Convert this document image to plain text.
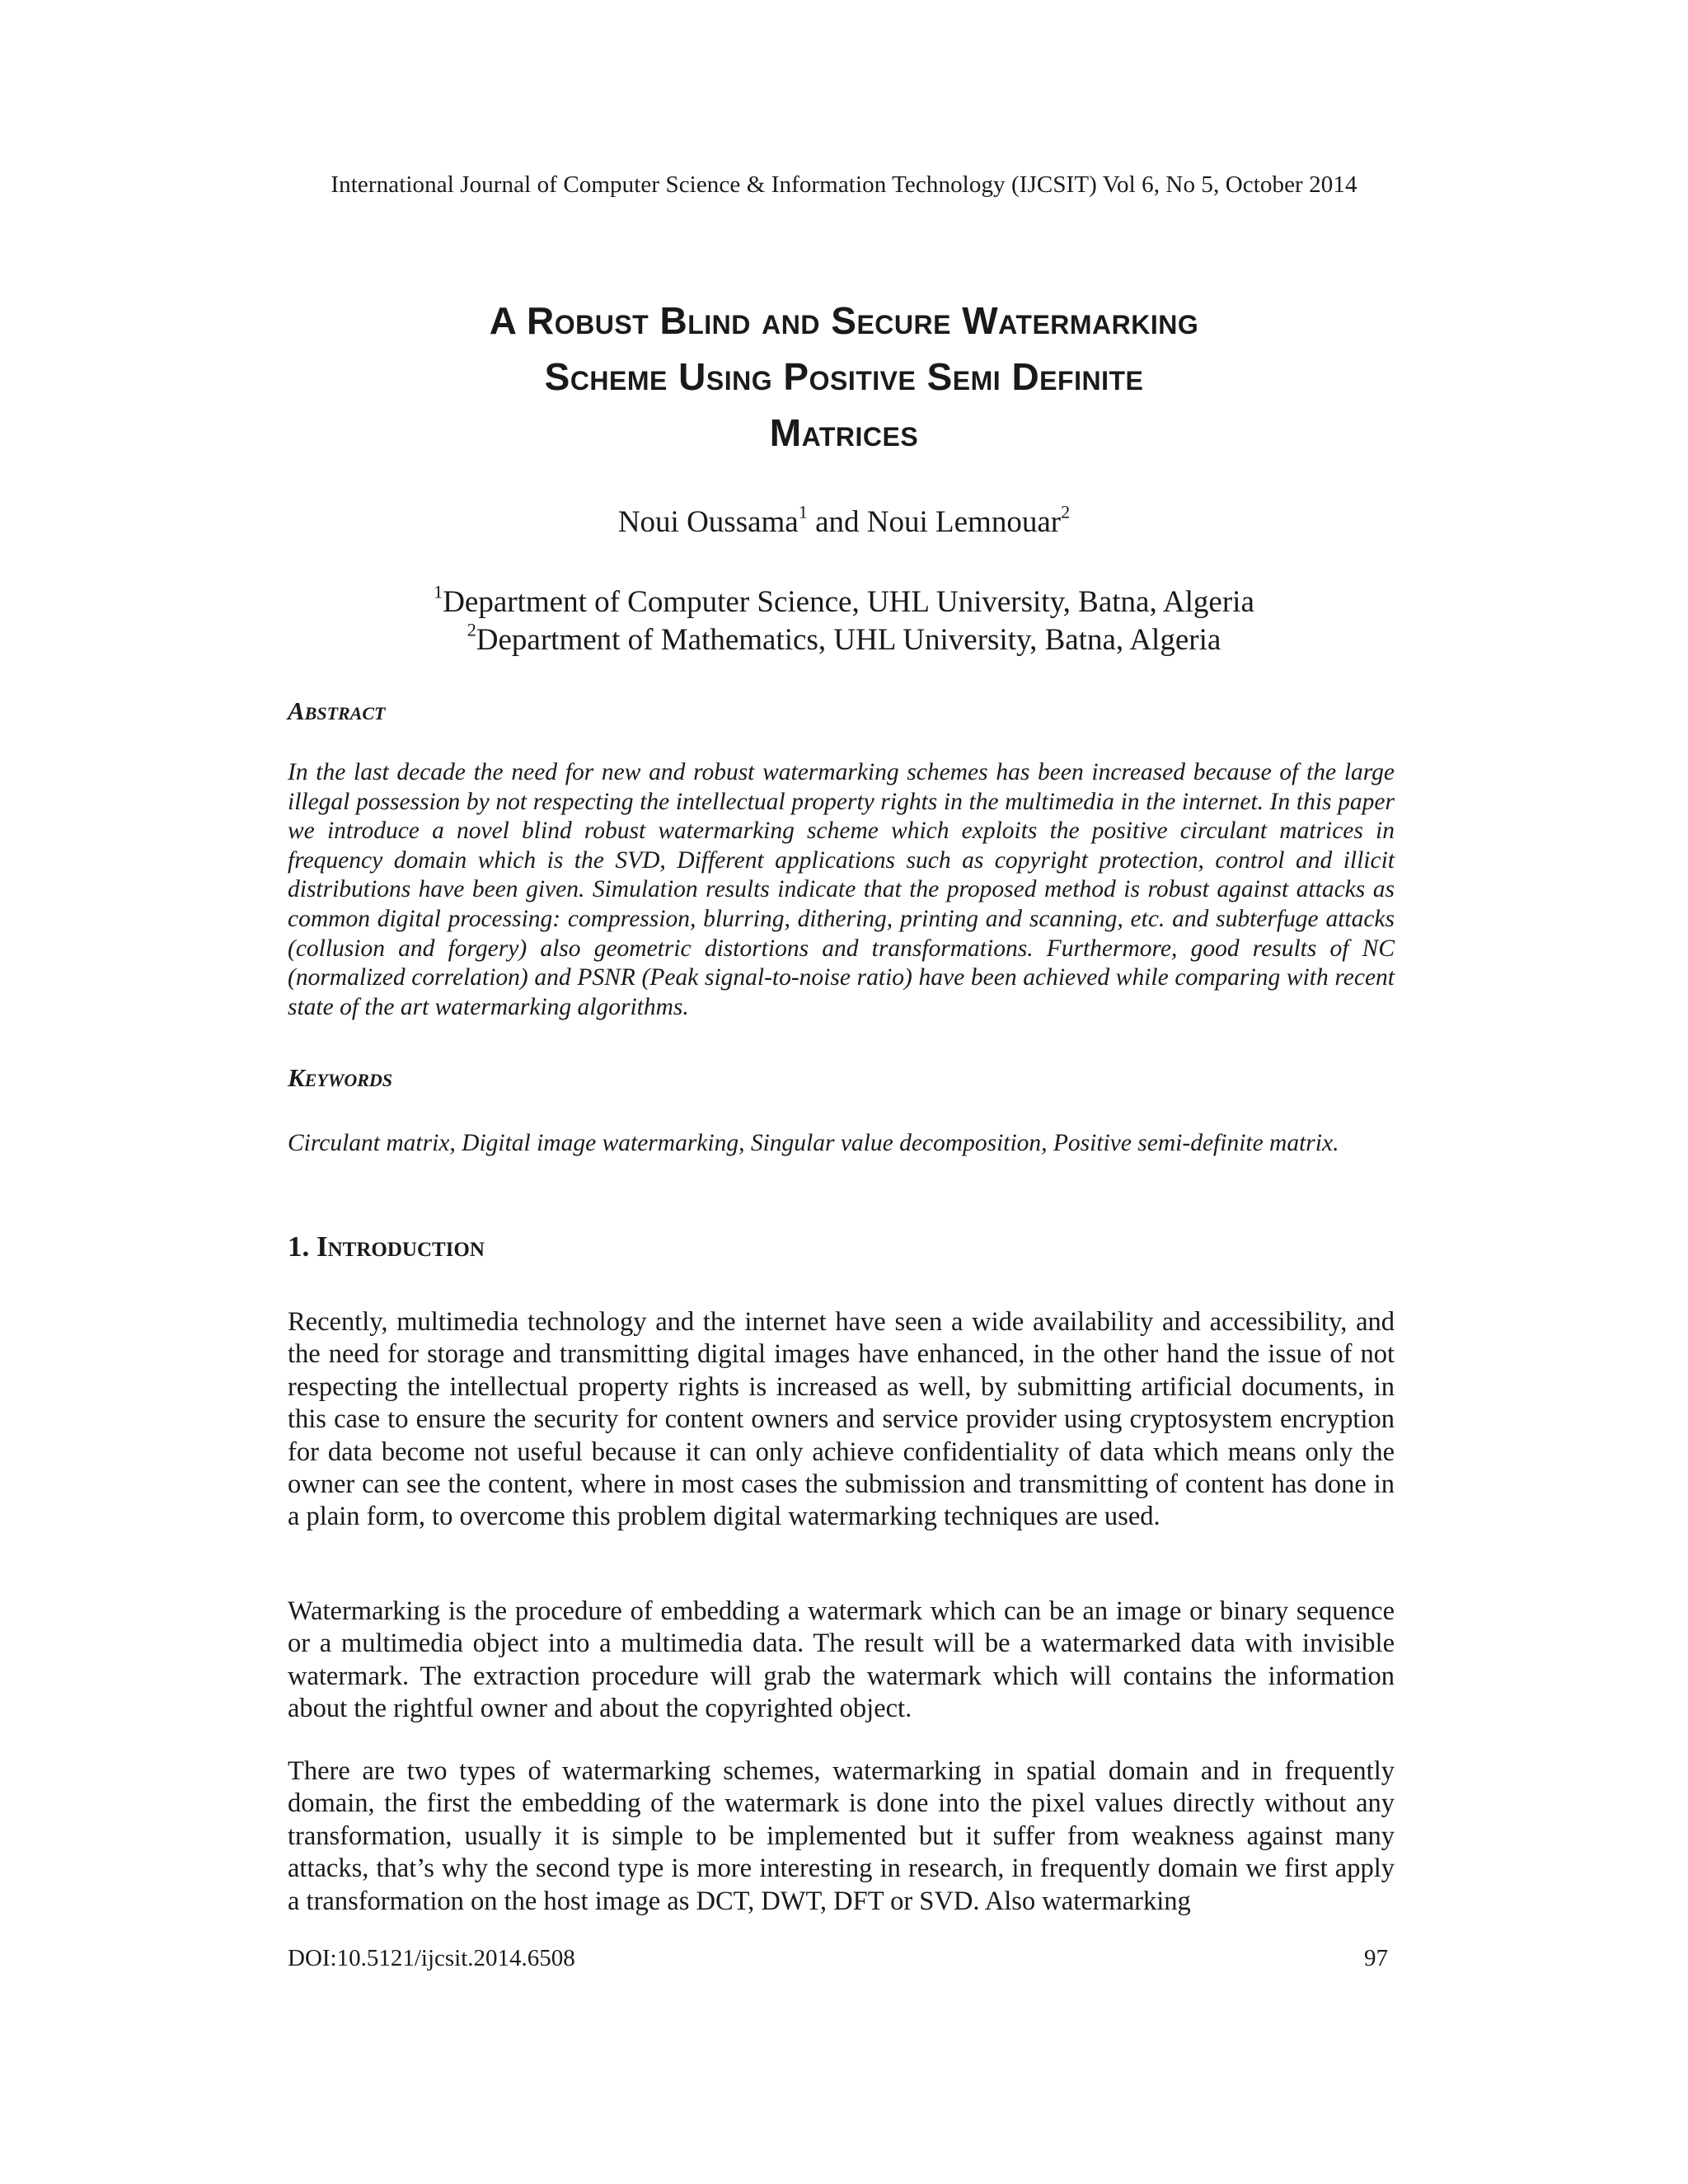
International Journal of Computer Science & Information Technology (IJCSIT) Vol 6, No 5, October 2014
A Robust Blind and Secure Watermarking
Scheme Using Positive Semi Definite
Matrices
Noui Oussama$^1$ and Noui Lemnouar$^2$
$^1$Department of Computer Science, UHL University, Batna, Algeria
$^2$Department of Mathematics, UHL University, Batna, Algeria
Abstract
In the last decade the need for new and robust watermarking schemes has been increased because of the large illegal possession by not respecting the intellectual property rights in the multimedia in the internet. In this paper we introduce a novel blind robust watermarking scheme which exploits the positive circulant matrices in frequency domain which is the SVD, Different applications such as copyright protection, control and illicit distributions have been given. Simulation results indicate that the proposed method is robust against attacks as common digital processing: compression, blurring, dithering, printing and scanning, etc. and subterfuge attacks (collusion and forgery) also geometric distortions and transformations. Furthermore, good results of NC (normalized correlation) and PSNR (Peak signal-to-noise ratio) have been achieved while comparing with recent state of the art watermarking algorithms.
Keywords
Circulant matrix, Digital image watermarking, Singular value decomposition, Positive semi-definite matrix.
1. Introduction
Recently, multimedia technology and the internet have seen a wide availability and accessibility, and the need for storage and transmitting digital images have enhanced, in the other hand the issue of not respecting the intellectual property rights is increased as well, by submitting artificial documents, in this case to ensure the security for content owners and service provider using cryptosystem encryption for data become not useful because it can only achieve confidentiality of data which means only the owner can see the content, where in most cases the submission and transmitting of content has done in a plain form, to overcome this problem digital watermarking techniques are used.
Watermarking is the procedure of embedding a watermark which can be an image or binary sequence or a multimedia object into a multimedia data. The result will be a watermarked data with invisible watermark. The extraction procedure will grab the watermark which will contains the information about the rightful owner and about the copyrighted object.
There are two types of watermarking schemes, watermarking in spatial domain and in frequently domain, the first the embedding of the watermark is done into the pixel values directly without any transformation, usually it is simple to be implemented but it suffer from weakness against many attacks, that’s why the second type is more interesting in research, in frequently domain we first apply a transformation on the host image as DCT, DWT, DFT or SVD. Also watermarking
DOI:10.5121/ijcsit.2014.6508	97
